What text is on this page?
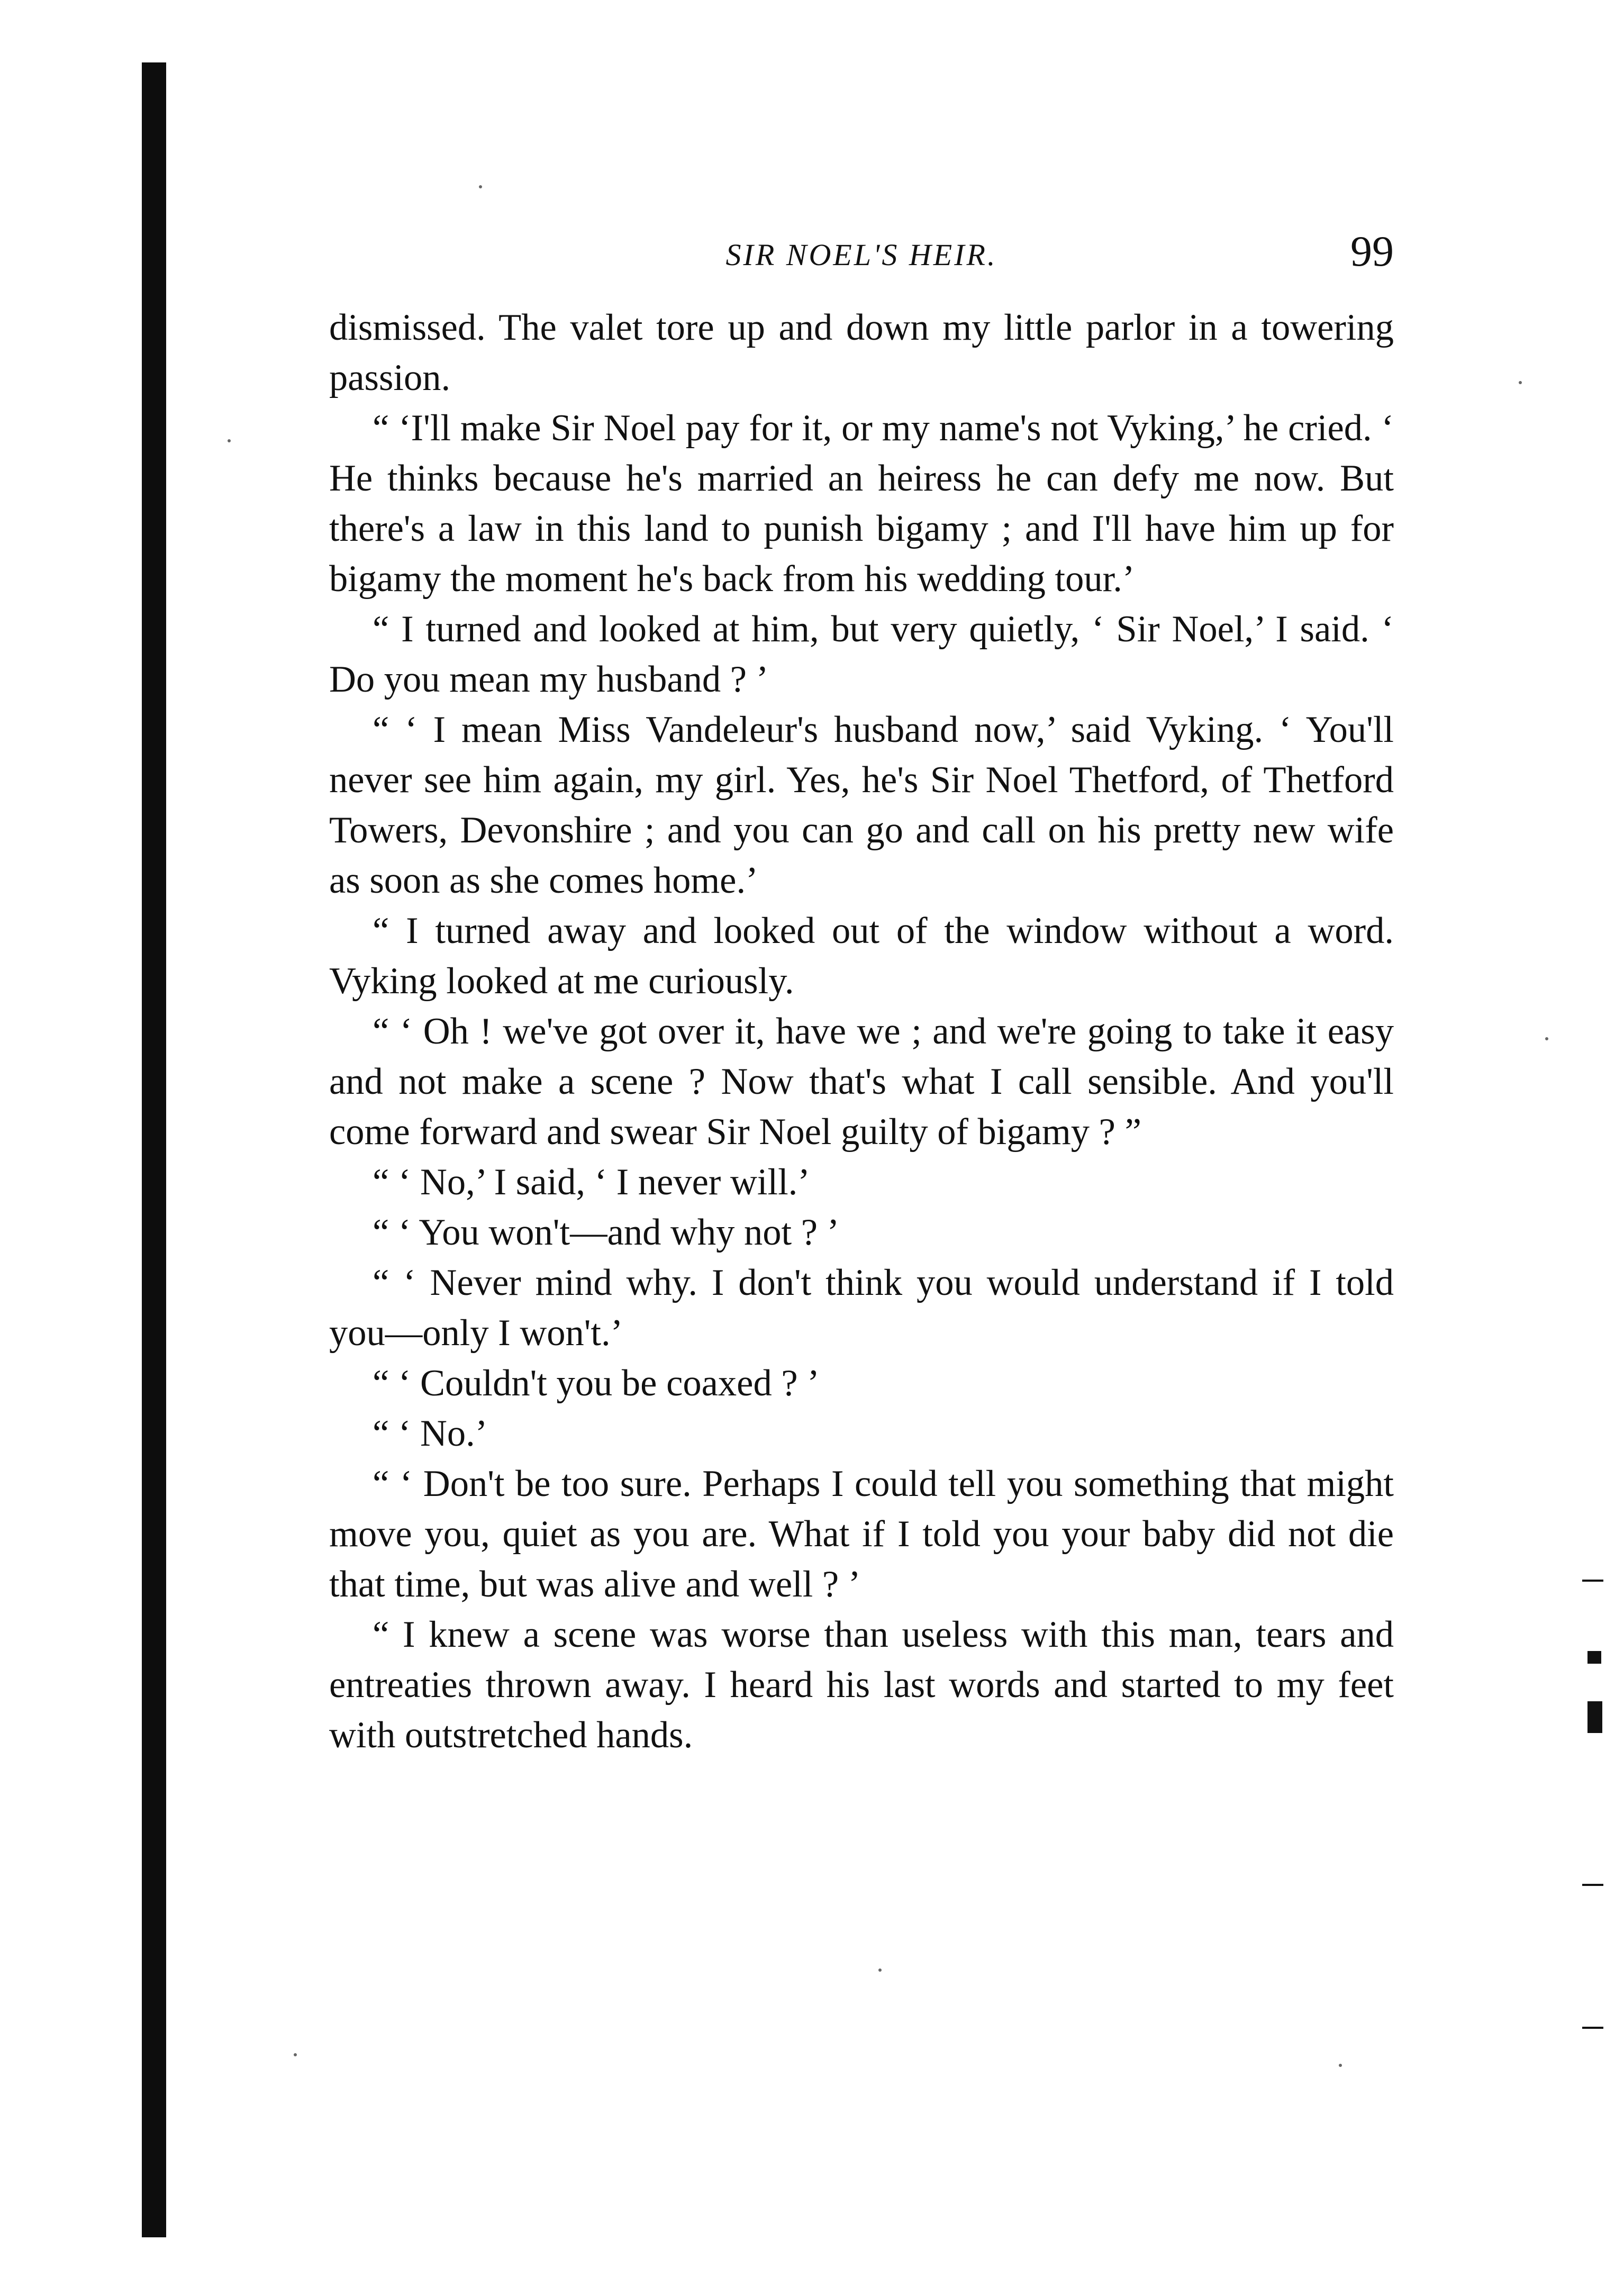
SIR NOEL'S HEIR.	99

dismissed. The valet tore up and down my little parlor in a towering passion.

“ ‘I'll make Sir Noel pay for it, or my name's not Vyking,’ he cried. ‘ He thinks because he's married an heiress he can defy me now. But there's a law in this land to punish bigamy ; and I'll have him up for bigamy the moment he's back from his wedding tour.’

“ I turned and looked at him, but very quietly, ‘ Sir Noel,’ I said. ‘ Do you mean my husband ? ’

“ ‘ I mean Miss Vandeleur's husband now,’ said Vyking. ‘ You'll never see him again, my girl. Yes, he's Sir Noel Thetford, of Thetford Towers, Devonshire ; and you can go and call on his pretty new wife as soon as she comes home.’

“ I turned away and looked out of the window without a word. Vyking looked at me curiously.

“ ‘ Oh ! we've got over it, have we ; and we're going to take it easy and not make a scene ? Now that's what I call sensible. And you'll come forward and swear Sir Noel guilty of bigamy ? ”

“ ‘ No,’ I said, ‘ I never will.’

“ ‘ You won't—and why not ? ’

“ ‘ Never mind why. I don't think you would understand if I told you—only I won't.’

“ ‘ Couldn't you be coaxed ? ’

“ ‘ No.’

“ ‘ Don't be too sure. Perhaps I could tell you something that might move you, quiet as you are. What if I told you your baby did not die that time, but was alive and well ? ’

“ I knew a scene was worse than useless with this man, tears and entreaties thrown away. I heard his last words and started to my feet with outstretched hands.
